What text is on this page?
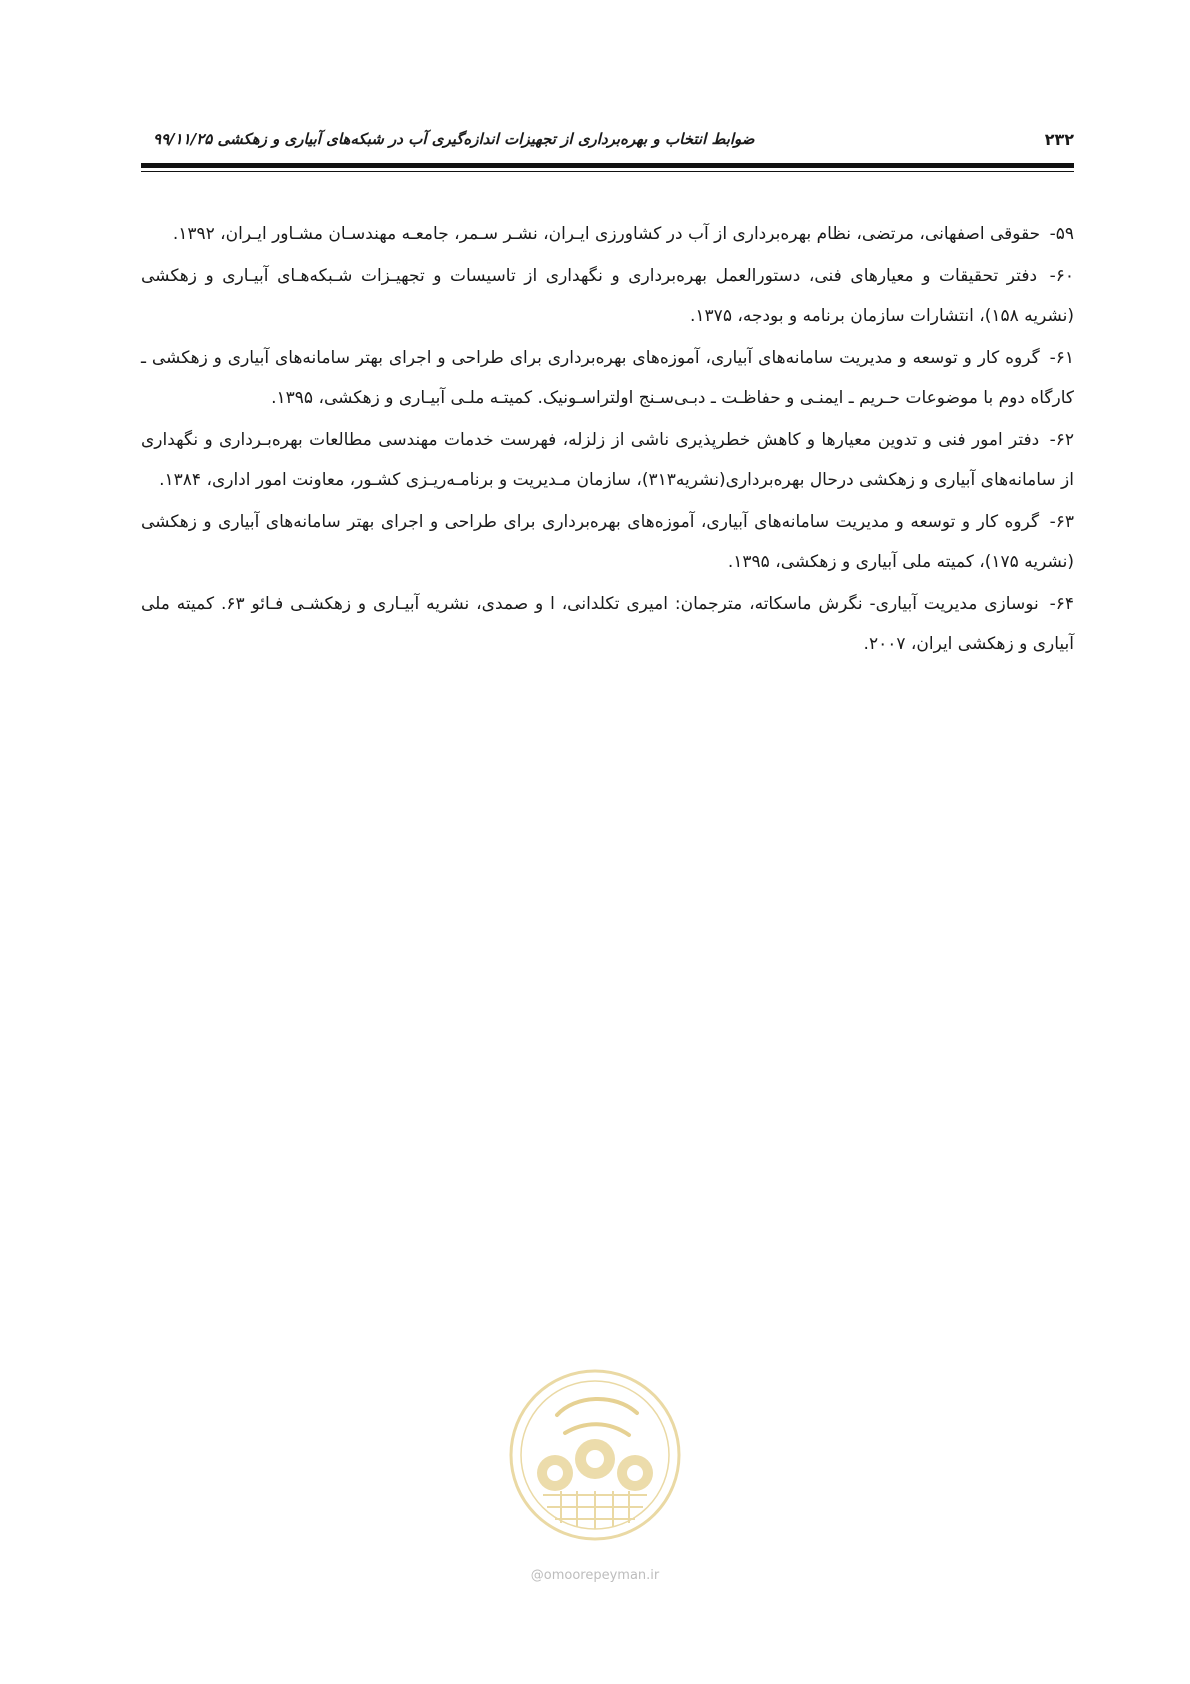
۲۳۲
ضوابط انتخاب و بهره‌برداری از تجهیزات اندازه‌گیری آب در شبکه‌های آبیاری و زهکشی ۹۹/۱۱/۲۵
۵۹- حقوقی اصفهانی، مرتضی، نظام بهره‌برداری از آب در کشاورزی ایـران، نشـر سـمر، جامعـه مهندسـان مشـاور ایـران، ۱۳۹۲.
۶۰- دفتر تحقیقات و معیارهای فنی، دستورالعمل بهره‌برداری و نگهداری از تاسیسات و تجهیـزات شـبکه‌هـای آبیـاری و زهکشی (نشریه ۱۵۸)، انتشارات سازمان برنامه و بودجه، ۱۳۷۵.
۶۱- گروه کار و توسعه و مدیریت سامانه‌های آبیاری، آموزه‌های بهره‌برداری برای طراحی و اجرای بهتر سامانه‌های آبیاری و زهکشی ـ کارگاه دوم با موضوعات حـریم ـ ایمنـی و حفاظـت ـ دبـی‌سـنج اولتراسـونیک. کمیتـه ملـی آبیـاری و زهکشی، ۱۳۹۵.
۶۲- دفتر امور فنی و تدوین معیارها و کاهش خطرپذیری ناشی از زلزله، فهرست خدمات مهندسی مطالعات بهره‌بـرداری و نگهداری از سامانه‌های آبیاری و زهکشی درحال بهره‌برداری(نشریه۳۱۳)، سازمان مـدیریت و برنامـه‌ریـزی کشـور، معاونت امور اداری، ۱۳۸۴.
۶۳- گروه کار و توسعه و مدیریت سامانه‌های آبیاری، آموزه‌های بهره‌برداری برای طراحی و اجرای بهتر سامانه‌های آبیاری و زهکشی (نشریه ۱۷۵)، کمیته ملی آبیاری و زهکشی، ۱۳۹۵.
۶۴- نوسازی مدیریت آبیاری- نگرش ماسکاته، مترجمان: امیری تکلدانی، ا و صمدی، نشریه آبیـاری و زهکشـی فـائو ۶۳. کمیته ملی آبیاری و زهکشی ایران، ۲۰۰۷.
@omoorepeyman.ir
